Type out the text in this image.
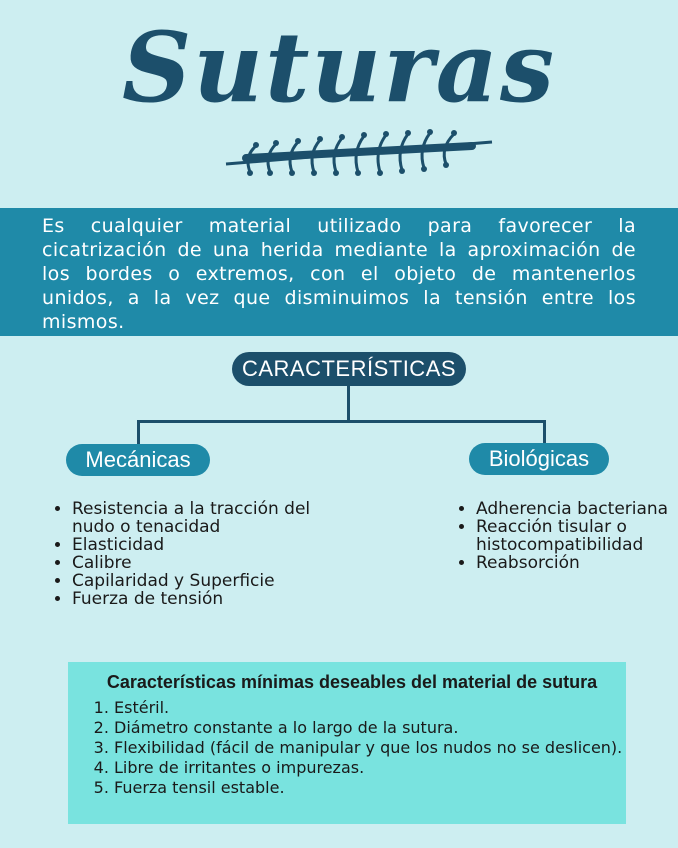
Suturas
Es cualquier material utilizado para favorecer la cicatrización de una herida mediante la aproximación de los bordes o extremos, con el objeto de mantenerlos unidos, a la vez que disminuimos la tensión entre los mismos.
CARACTERÍSTICAS
Mecánicas	Biológicas
• Resistencia a la tracción del nudo o tenacidad
• Elasticidad
• Calibre
• Capilaridad y Superficie
• Fuerza de tensión
• Adherencia bacteriana
• Reacción tisular o histocompatibilidad
• Reabsorción
Características mínimas deseables del material de sutura
1. Estéril.
2. Diámetro constante a lo largo de la sutura.
3. Flexibilidad (fácil de manipular y que los nudos no se deslicen).
4. Libre de irritantes o impurezas.
5. Fuerza tensil estable.
